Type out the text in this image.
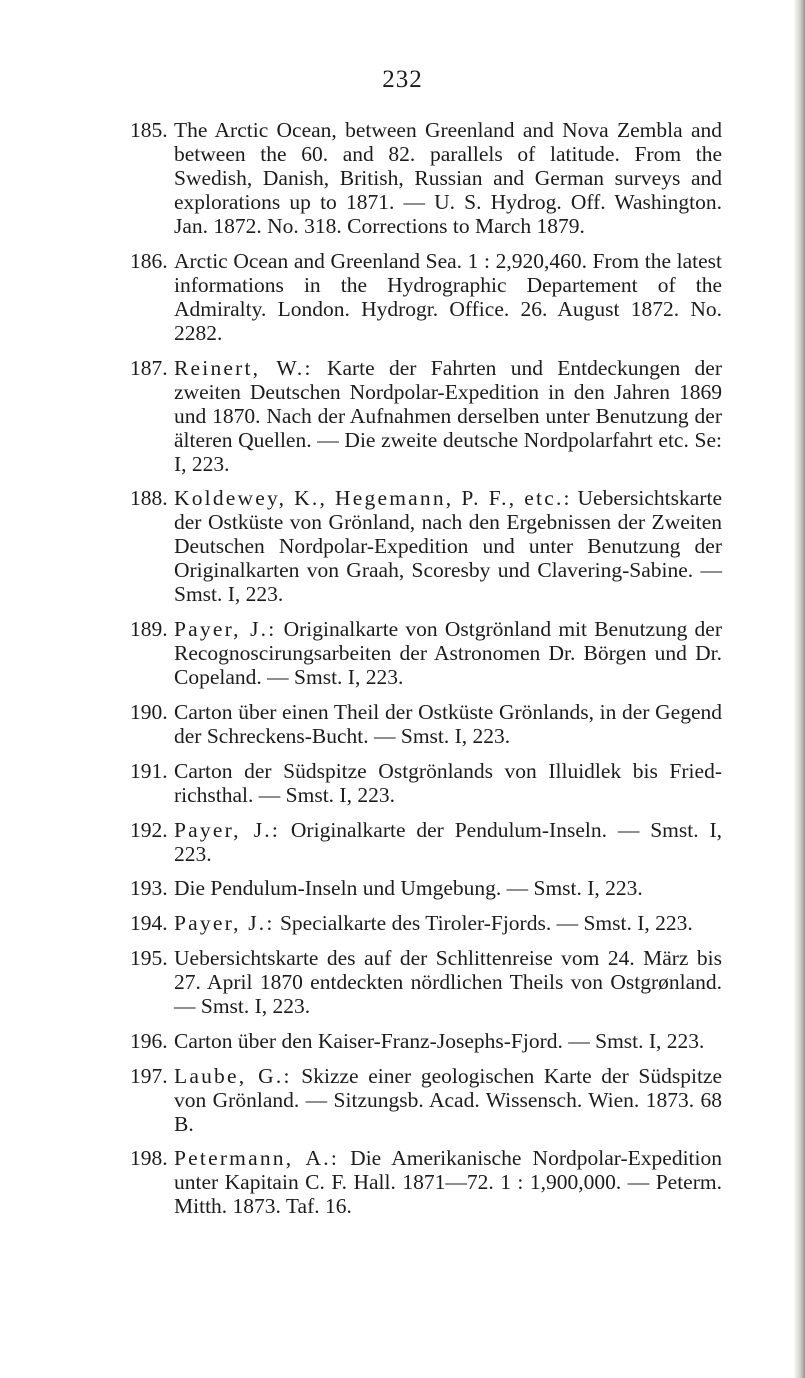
232
185. The Arctic Ocean, between Greenland and Nova Zembla and between the 60. and 82. parallels of latitude. From the Swedish, Danish, British, Russian and German surveys and explorations up to 1871. — U. S. Hydrog. Off. Washington. Jan. 1872. No. 318. Corrections to March 1879.
186. Arctic Ocean and Greenland Sea. 1 : 2,920,460. From the latest informations in the Hydrographic Departement of the Admiralty. London. Hydrogr. Office. 26. August 1872. No. 2282.
187. Reinert, W.: Karte der Fahrten und Entdeckungen der zweiten Deutschen Nordpolar-Expedition in den Jahren 1869 und 1870. Nach der Aufnahmen derselben unter Benutzung der älteren Quellen. — Die zweite deutsche Nordpolarfahrt etc. Se: I, 223.
188. Koldewey, K., Hegemann, P. F., etc.: Uebersichtskarte der Ostküste von Grönland, nach den Ergebnissen der Zweiten Deutschen Nordpolar-Expedition und unter Benutzung der Originalkarten von Graah, Scoresby und Clavering-Sabine. — Smst. I, 223.
189. Payer, J.: Originalkarte von Ostgrönland mit Benutzung der Recognoscirungsarbeiten der Astronomen Dr. Börgen und Dr. Copeland. — Smst. I, 223.
190. Carton über einen Theil der Ostküste Grönlands, in der Gegend der Schreckens-Bucht. — Smst. I, 223.
191. Carton der Südspitze Ostgrönlands von Illuidlek bis Friedrichsthal. — Smst. I, 223.
192. Payer, J.: Originalkarte der Pendulum-Inseln. — Smst. I, 223.
193. Die Pendulum-Inseln und Umgebung. — Smst. I, 223.
194. Payer, J.: Specialkarte des Tiroler-Fjords. — Smst. I, 223.
195. Uebersichtskarte des auf der Schlittenreise vom 24. März bis 27. April 1870 entdeckten nördlichen Theils von Ostgrønland. — Smst. I, 223.
196. Carton über den Kaiser-Franz-Josephs-Fjord. — Smst. I, 223.
197. Laube, G.: Skizze einer geologischen Karte der Südspitze von Grönland. — Sitzungsb. Acad. Wissensch. Wien. 1873. 68 B.
198. Petermann, A.: Die Amerikanische Nordpolar-Expedition unter Kapitain C. F. Hall. 1871—72. 1 : 1,900,000. — Peterm. Mitth. 1873. Taf. 16.
